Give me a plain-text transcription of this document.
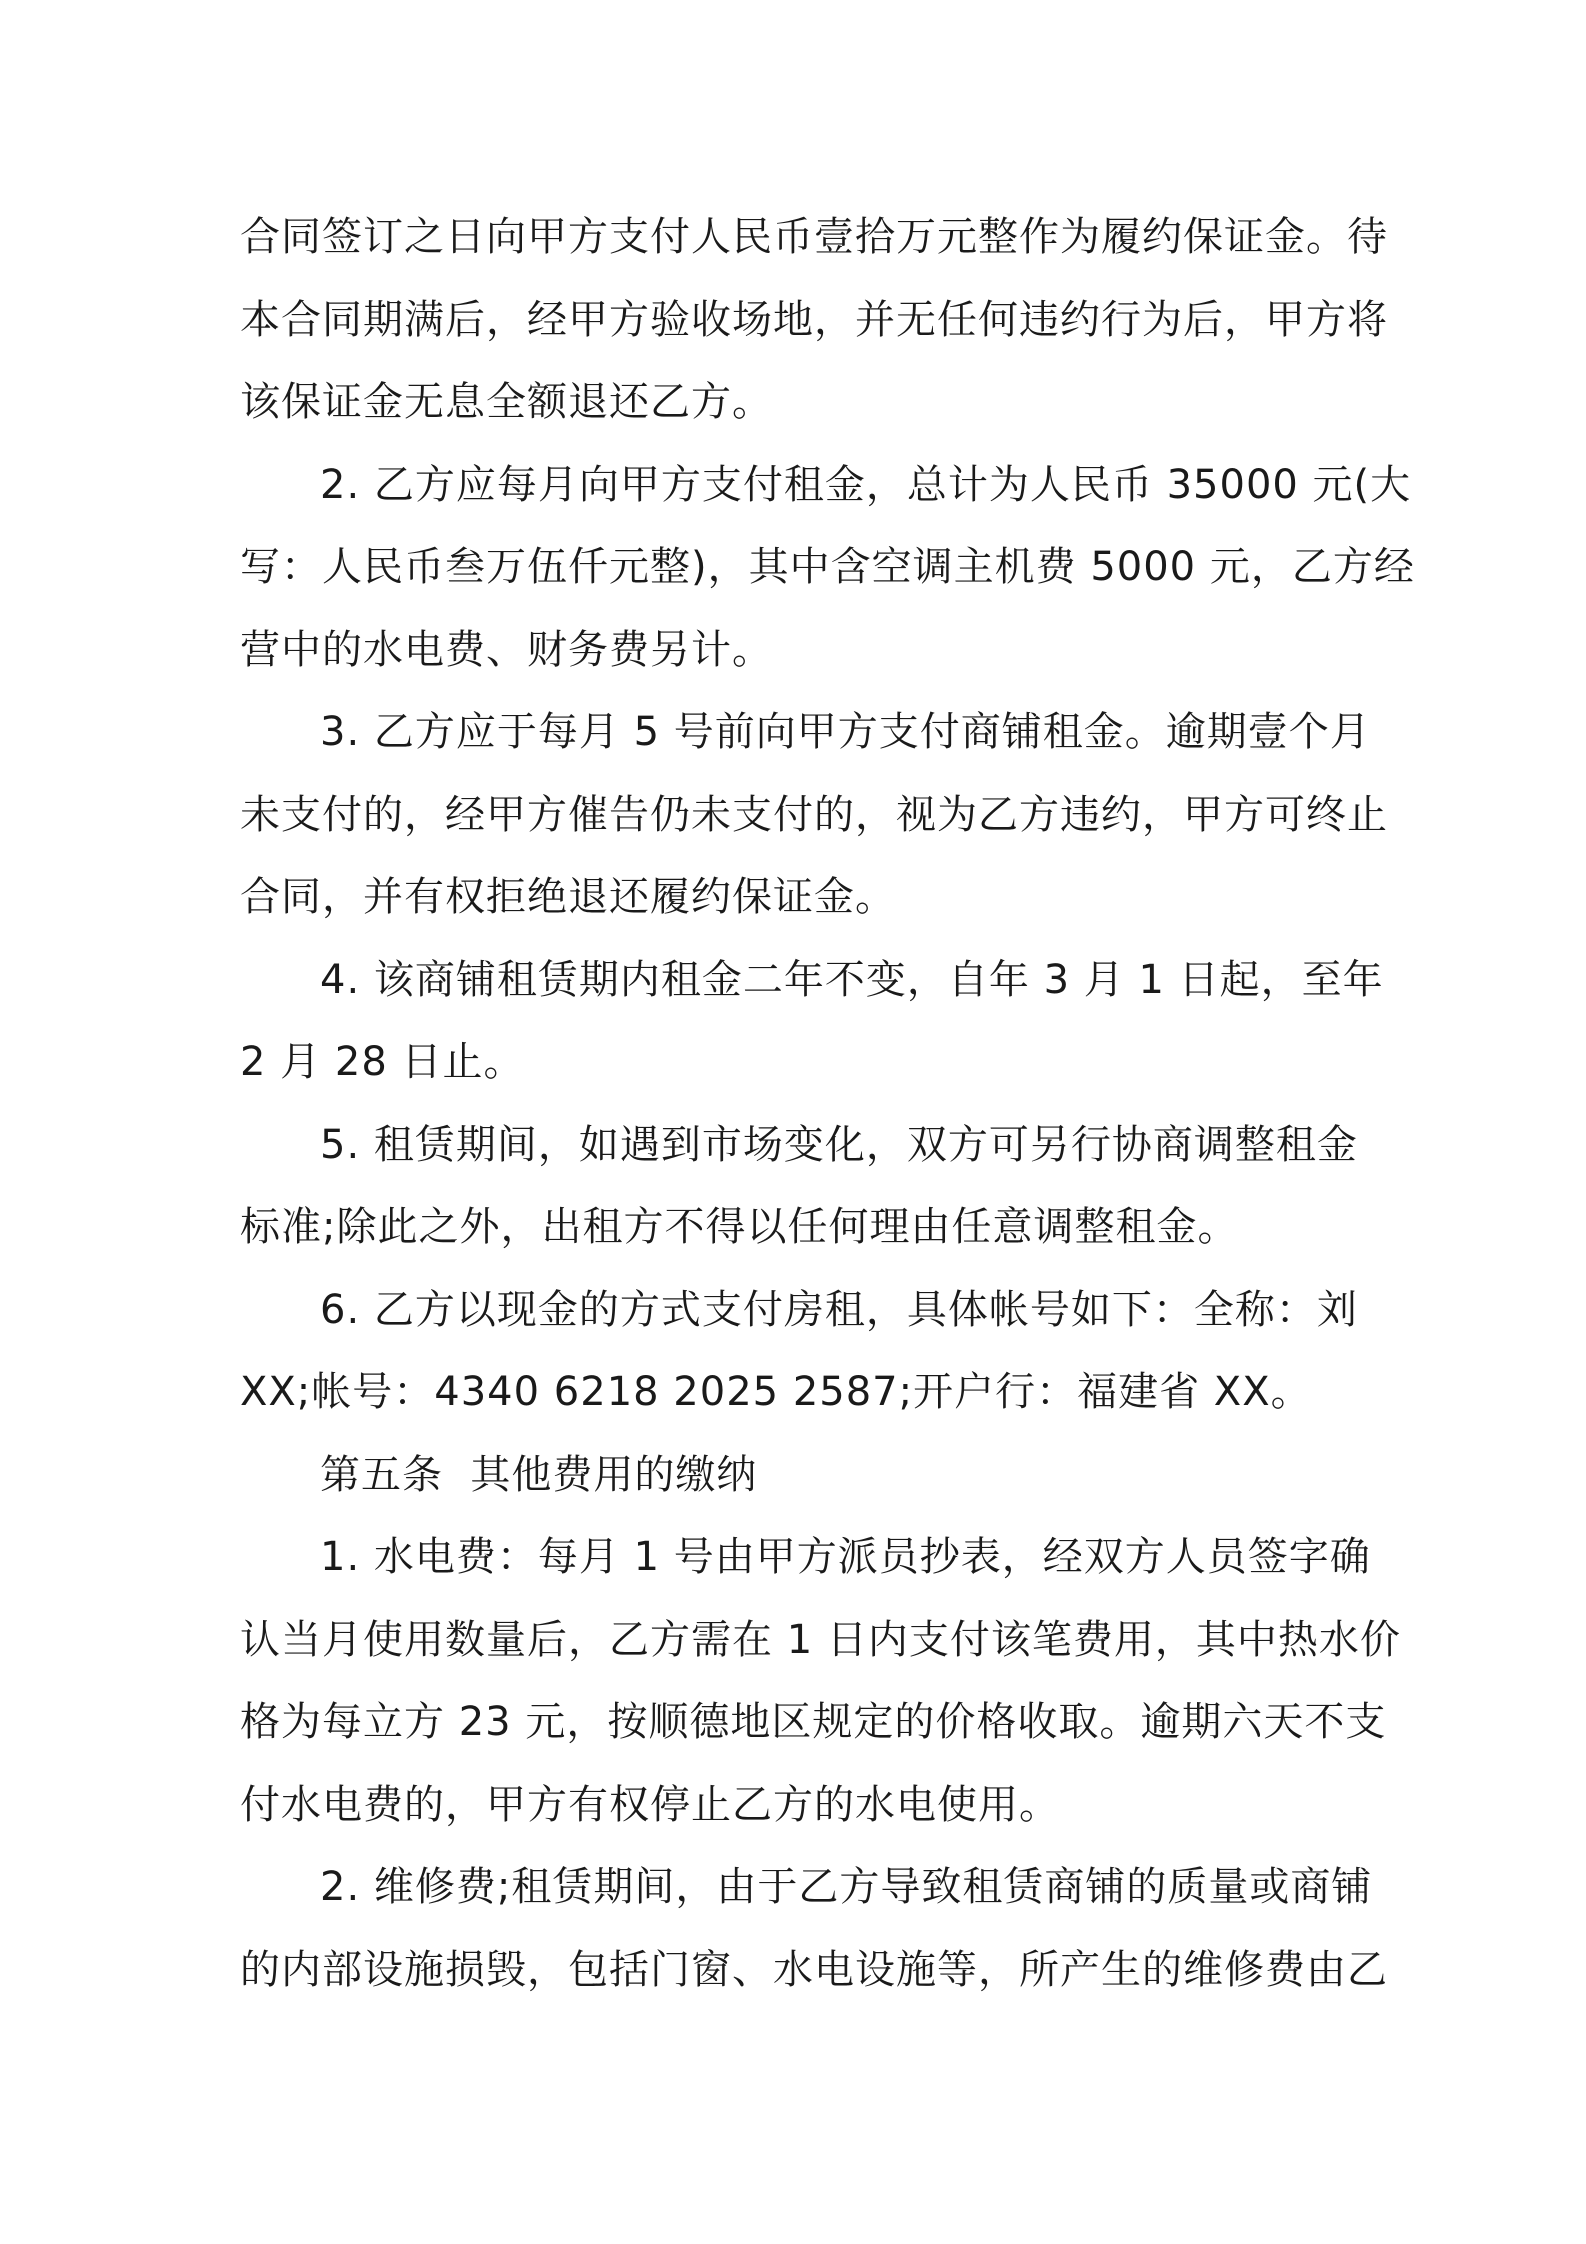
合同签订之日向甲方支付人民币壹拾万元整作为履约保证金。待
本合同期满后，经甲方验收场地，并无任何违约行为后，甲方将
该保证金无息全额退还乙方。
2. 乙方应每月向甲方支付租金，总计为人民币 35000 元(大
写：人民币叁万伍仟元整)，其中含空调主机费 5000 元，乙方经
营中的水电费、财务费另计。
3. 乙方应于每月 5 号前向甲方支付商铺租金。逾期壹个月
未支付的，经甲方催告仍未支付的，视为乙方违约，甲方可终止
合同，并有权拒绝退还履约保证金。
4. 该商铺租赁期内租金二年不变，自年 3 月 1 日起，至年
2 月 28 日止。
5. 租赁期间，如遇到市场变化，双方可另行协商调整租金
标准;除此之外，出租方不得以任何理由任意调整租金。
6. 乙方以现金的方式支付房租，具体帐号如下：全称：刘
XX;帐号：4340 6218 2025 2587;开户行：福建省 XX。
第五条  其他费用的缴纳
1. 水电费：每月 1 号由甲方派员抄表，经双方人员签字确
认当月使用数量后，乙方需在 1 日内支付该笔费用，其中热水价
格为每立方 23 元，按顺德地区规定的价格收取。逾期六天不支
付水电费的，甲方有权停止乙方的水电使用。
2. 维修费;租赁期间，由于乙方导致租赁商铺的质量或商铺
的内部设施损毁，包括门窗、水电设施等，所产生的维修费由乙
